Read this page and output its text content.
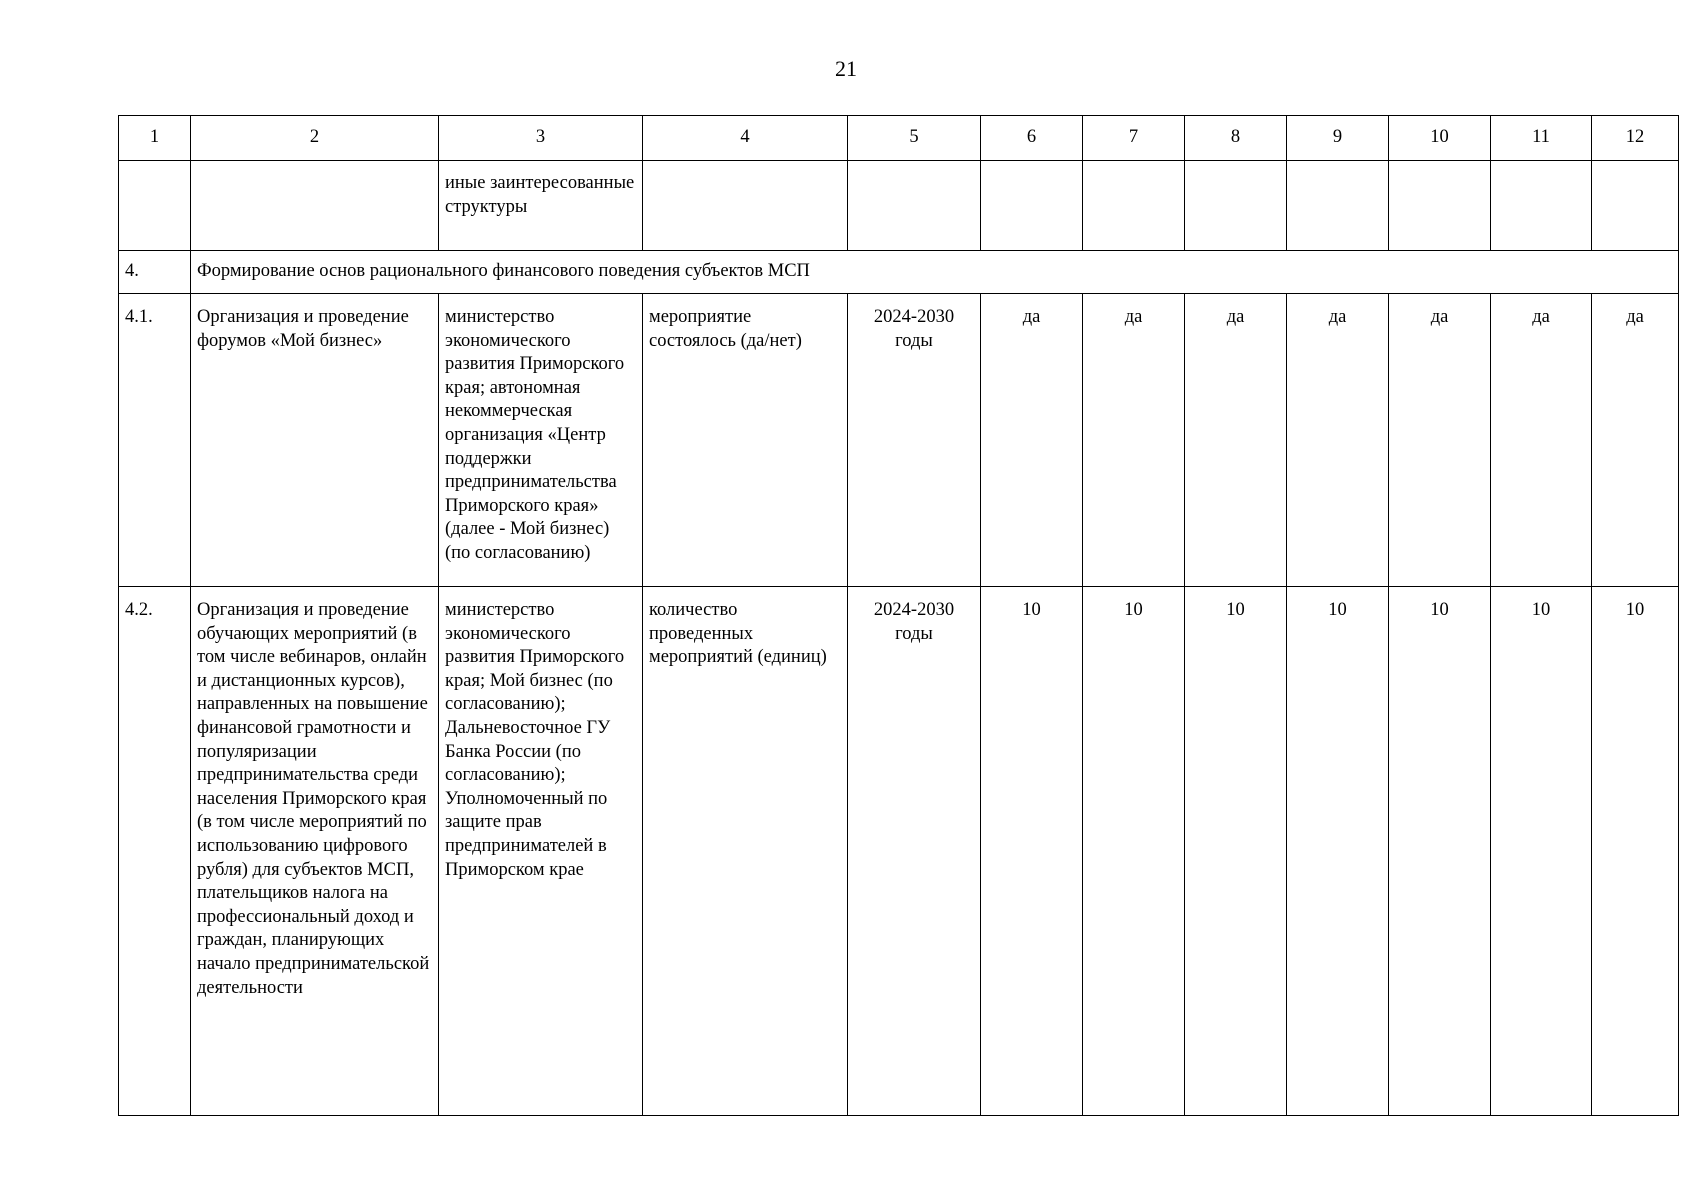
21
1	2	3	4	5	6	7	8	9	10	11	12
		иные заинтересованные структуры									
4.	Формирование основ рационального финансового поведения субъектов МСП										
4.1.	Организация и проведение форумов «Мой бизнес»	министерство экономического развития Приморского края; автономная некоммерческая организация «Центр поддержки предпринимательства Приморского края» (далее - Мой бизнес) (по согласованию)	мероприятие состоялось (да/нет)	2024-2030 годы	да	да	да	да	да	да	да
4.2.	Организация и проведение обучающих мероприятий (в том числе вебинаров, онлайн и дистанционных курсов), направленных на повышение финансовой грамотности и популяризации предпринимательства среди населения Приморского края (в том числе мероприятий по использованию цифрового рубля) для субъектов МСП, плательщиков налога на профессиональный доход и граждан, планирующих начало предпринимательской деятельности	министерство экономического развития Приморского края; Мой бизнес (по согласованию); Дальневосточное ГУ Банка России (по согласованию); Уполномоченный по защите прав предпринимателей в Приморском крае	количество проведенных мероприятий (единиц)	2024-2030 годы	10	10	10	10	10	10	10
